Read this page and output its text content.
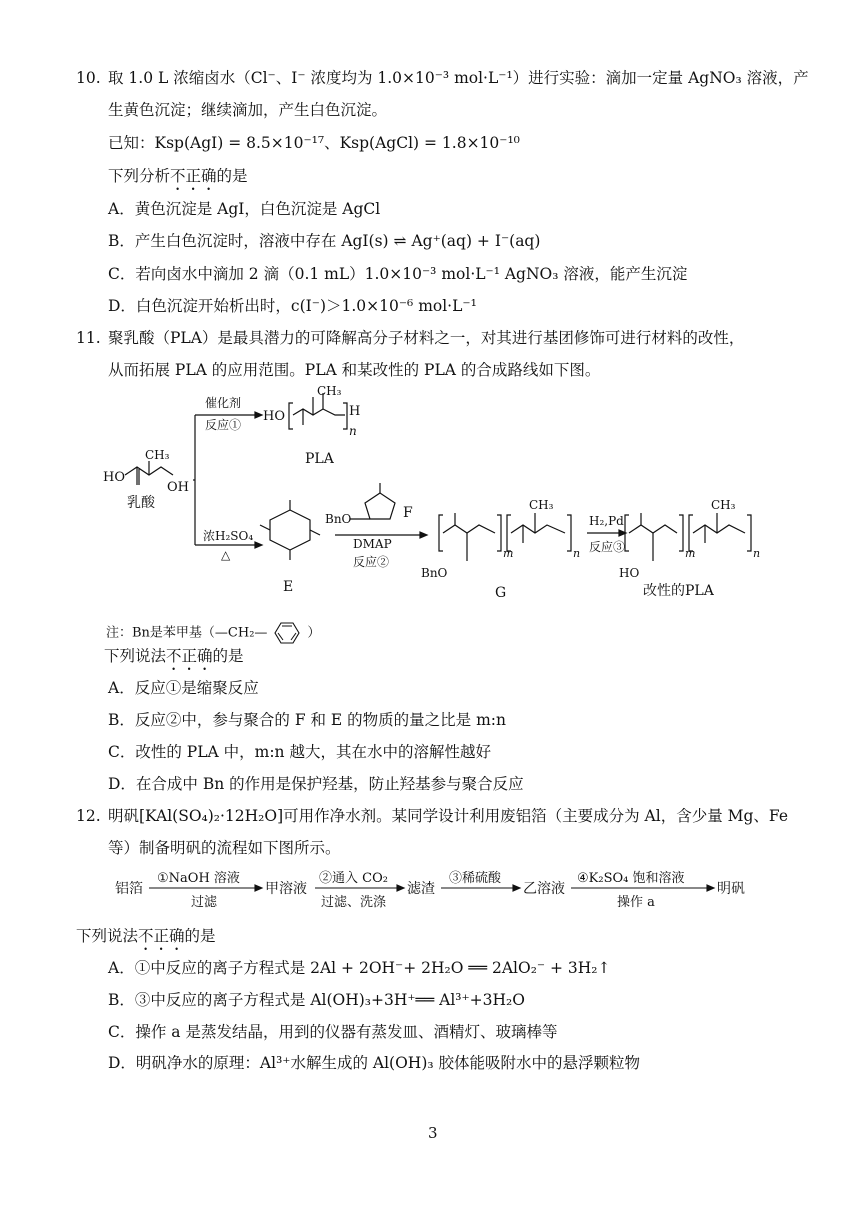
10. 取 1.0 L 浓缩卤水（Cl⁻、I⁻ 浓度均为 1.0×10⁻³ mol·L⁻¹）进行实验：滴加一定量 AgNO₃ 溶液，产
生黄色沉淀；继续滴加，产生白色沉淀。
已知：Ksp(AgI) = 8.5×10⁻¹⁷、Ksp(AgCl) = 1.8×10⁻¹⁰
下列分析不正确的是
A．黄色沉淀是 AgI，白色沉淀是 AgCl
B．产生白色沉淀时，溶液中存在 AgI(s) ⇌ Ag⁺(aq) + I⁻(aq)
C．若向卤水中滴加 2 滴（0.1 mL）1.0×10⁻³ mol·L⁻¹ AgNO₃ 溶液，能产生沉淀
D．白色沉淀开始析出时，c(I⁻)＞1.0×10⁻⁶ mol·L⁻¹
11. 聚乳酸（PLA）是最具潜力的可降解高分子材料之一，对其进行基团修饰可进行材料的改性，
从而拓展 PLA 的应用范围。PLA 和某改性的 PLA 的合成路线如下图。
HO
CH₃
OH
乳酸
催化剂
反应①
HO
CH₃
H
n
PLA
浓H₂SO₄
△
E
BnO	F
DMAP
反应②
BnO
m
CH₃
n
G
H₂,Pd
反应③
HO
m
CH₃
n
改性的PLA
注：Bn是苯甲基（—CH₂—	）
下列说法不正确的是
A．反应①是缩聚反应
B．反应②中，参与聚合的 F 和 E 的物质的量之比是 m:n
C．改性的 PLA 中，m:n 越大，其在水中的溶解性越好
D．在合成中 Bn 的作用是保护羟基，防止羟基参与聚合反应
12. 明矾[KAl(SO₄)₂·12H₂O]可用作净水剂。某同学设计利用废铝箔（主要成分为 Al，含少量 Mg、Fe
等）制备明矾的流程如下图所示。
铝箔
①NaOH 溶液
过滤
甲溶液
②通入 CO₂
过滤、洗涤
滤渣
③稀硫酸
乙溶液
④K₂SO₄ 饱和溶液
操作 a
明矾
下列说法不正确的是
A．①中反应的离子方程式是 2Al + 2OH⁻+ 2H₂O ══ 2AlO₂⁻ + 3H₂↑
B．③中反应的离子方程式是 Al(OH)₃+3H⁺══ Al³⁺+3H₂O
C．操作 a 是蒸发结晶，用到的仪器有蒸发皿、酒精灯、玻璃棒等
D．明矾净水的原理：Al³⁺水解生成的 Al(OH)₃ 胶体能吸附水中的悬浮颗粒物
3
